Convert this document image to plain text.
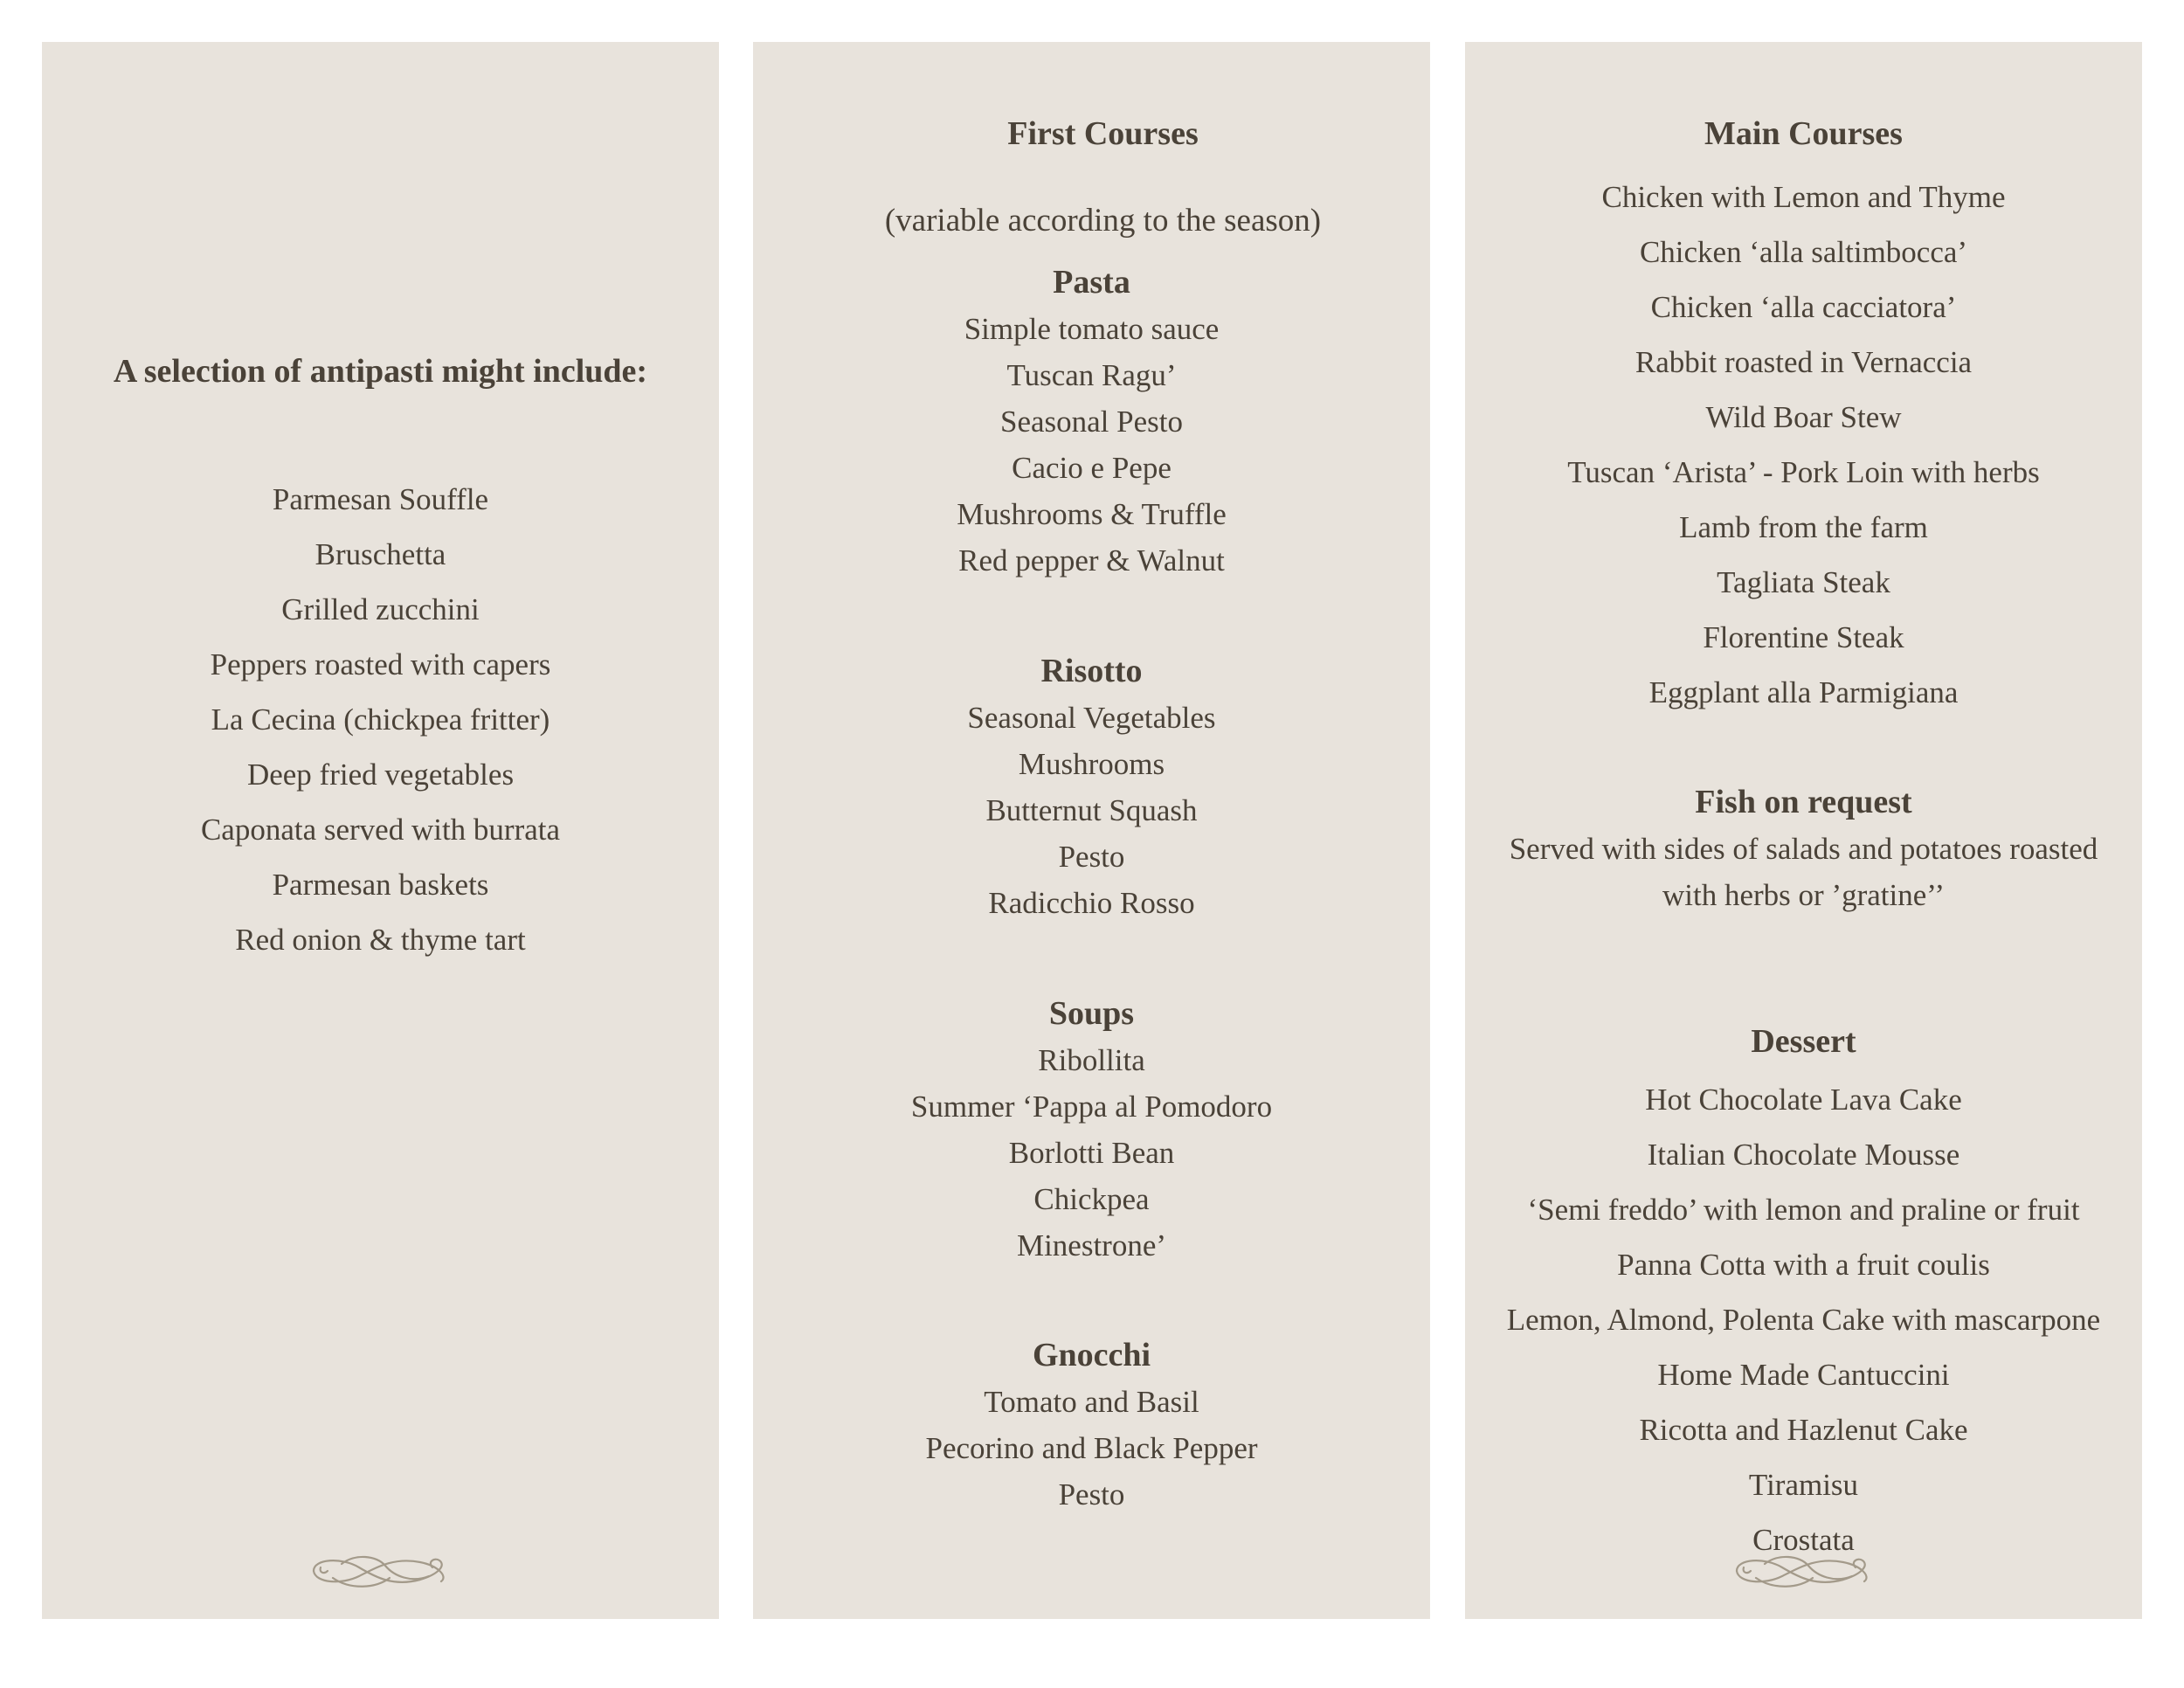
A selection of antipasti might include:

Parmesan Souffle

Bruschetta

Grilled zucchini

Peppers roasted with capers

La Cecina (chickpea fritter)

Deep fried vegetables

Caponata served with burrata

Parmesan baskets

Red onion & thyme tart

First Courses

(variable according to the season)

Pasta

Simple tomato sauce

Tuscan Ragu’

Seasonal Pesto

Cacio e Pepe

Mushrooms & Truffle

Red pepper & Walnut

Risotto

Seasonal Vegetables

Mushrooms

Butternut Squash

Pesto

Radicchio Rosso

Soups

Ribollita

Summer ‘Pappa al Pomodoro

Borlotti Bean

Chickpea

Minestrone’

Gnocchi

Tomato and Basil

Pecorino and Black Pepper

Pesto

Main Courses

Chicken with Lemon and Thyme

Chicken ‘alla saltimbocca’

Chicken ‘alla cacciatora’

Rabbit roasted in Vernaccia

Wild Boar Stew

Tuscan ‘Arista’ - Pork Loin with herbs

Lamb from the farm

Tagliata Steak

Florentine Steak

Eggplant alla Parmigiana

Fish on request

Served with sides of salads and potatoes roasted

with herbs or ’gratine’’

Dessert

Hot Chocolate Lava Cake

Italian Chocolate Mousse

‘Semi freddo’ with lemon and praline or fruit

Panna Cotta with a fruit coulis

Lemon, Almond, Polenta Cake with mascarpone

Home Made Cantuccini

Ricotta and Hazlenut Cake

Tiramisu

Crostata
